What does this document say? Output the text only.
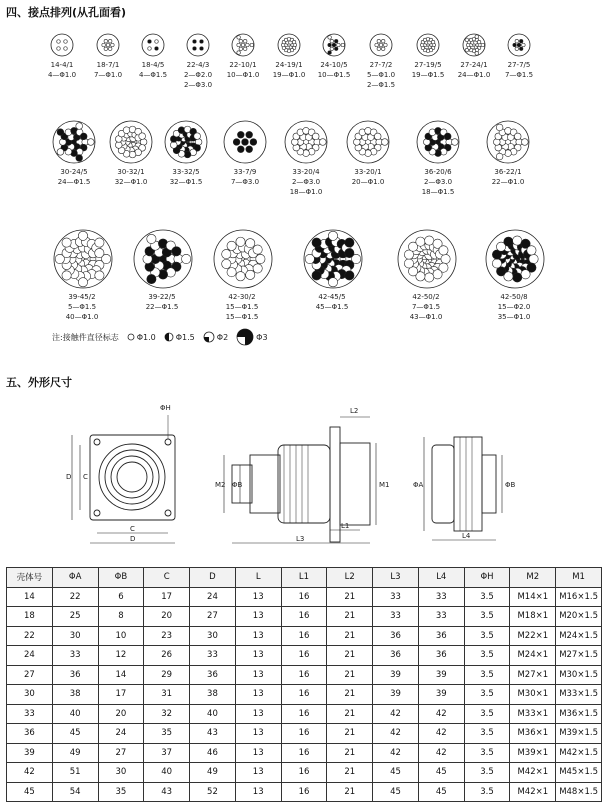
四、接点排列(从孔面看)
14-4/1
4—Φ1.0
18-7/1
7—Φ1.0
18-4/5
4—Φ1.5
22-4/3
2—Φ2.0
2—Φ3.0
22-10/1
10—Φ1.0
24-19/1
19—Φ1.0
24-10/5
10—Φ1.5
27-7/2
5—Φ1.0
2—Φ1.5
27-19/5
19—Φ1.5
27-24/1
24—Φ1.0
27-7/5
7—Φ1.5
30-24/5
24—Φ1.5
30-32/1
32—Φ1.0
33-32/5
32—Φ1.5
33-7/9
7—Φ3.0
33-20/4
2—Φ3.0
18—Φ1.0
33-20/1
20—Φ1.0
36-20/6
2—Φ3.0
18—Φ1.5
36-22/1
22—Φ1.0
39-45/2
5—Φ1.5
40—Φ1.0
39-22/5
22—Φ1.5
42-30/2
15—Φ1.5
15—Φ1.5
42-45/5
45—Φ1.5
42-50/2
7—Φ1.5
43—Φ1.0
42-50/8
15—Φ2.0
35—Φ1.0
注:接触件直径标志 Φ1.0	Φ1.5	Φ2	Φ3
五、外形尺寸
ΦH
D C
C
D
L2
L1
L3
M2 ΦB	M1	ΦA	ΦB
L4
壳体号	ΦA	ΦB	C	D	L	L1	L2	L3	L4	ΦH	M2	M1
14	22	6	17	24	13	16	21	33	33	3.5	M14×1	M16×1.5
18	25	8	20	27	13	16	21	33	33	3.5	M18×1	M20×1.5
22	30	10	23	30	13	16	21	36	36	3.5	M22×1	M24×1.5
24	33	12	26	33	13	16	21	36	36	3.5	M24×1	M27×1.5
27	36	14	29	36	13	16	21	39	39	3.5	M27×1	M30×1.5
30	38	17	31	38	13	16	21	39	39	3.5	M30×1	M33×1.5
33	40	20	32	40	13	16	21	42	42	3.5	M33×1	M36×1.5
36	45	24	35	43	13	16	21	42	42	3.5	M36×1	M39×1.5
39	49	27	37	46	13	16	21	42	42	3.5	M39×1	M42×1.5
42	51	30	40	49	13	16	21	45	45	3.5	M42×1	M45×1.5
45	54	35	43	52	13	16	21	45	45	3.5	M42×1	M48×1.5
